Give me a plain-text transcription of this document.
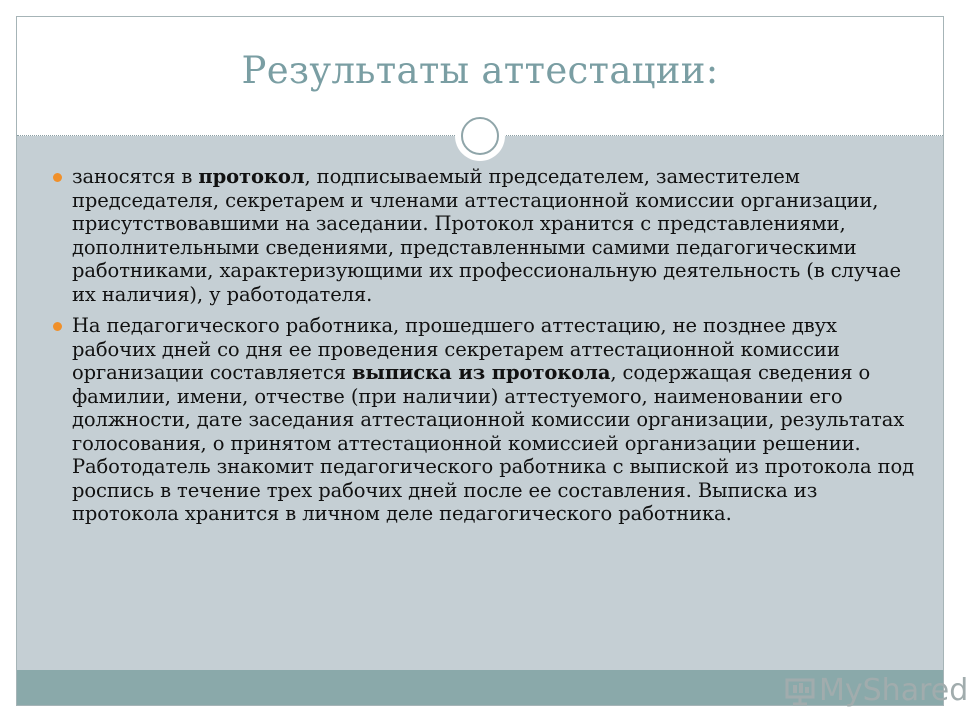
Результаты аттестации:
заносятся в протокол, подписываемый председателем, заместителем председателя, секретарем и членами аттестационной комиссии организации, присутствовавшими на заседании. Протокол хранится с представлениями, дополнительными сведениями, представленными самими педагогическими работниками, характеризующими их профессиональную деятельность (в случае их наличия), у работодателя.
На педагогического работника, прошедшего аттестацию, не позднее двух рабочих дней со дня ее проведения секретарем аттестационной комиссии организации составляется выписка из протокола, содержащая сведения о фамилии, имени, отчестве (при наличии) аттестуемого, наименовании его должности, дате заседания аттестационной комиссии организации, результатах голосования, о принятом аттестационной комиссией организации решении. Работодатель знакомит педагогического работника с выпиской из протокола под роспись в течение трех рабочих дней после ее составления. Выписка из протокола хранится в личном деле педагогического работника.
MyShared
